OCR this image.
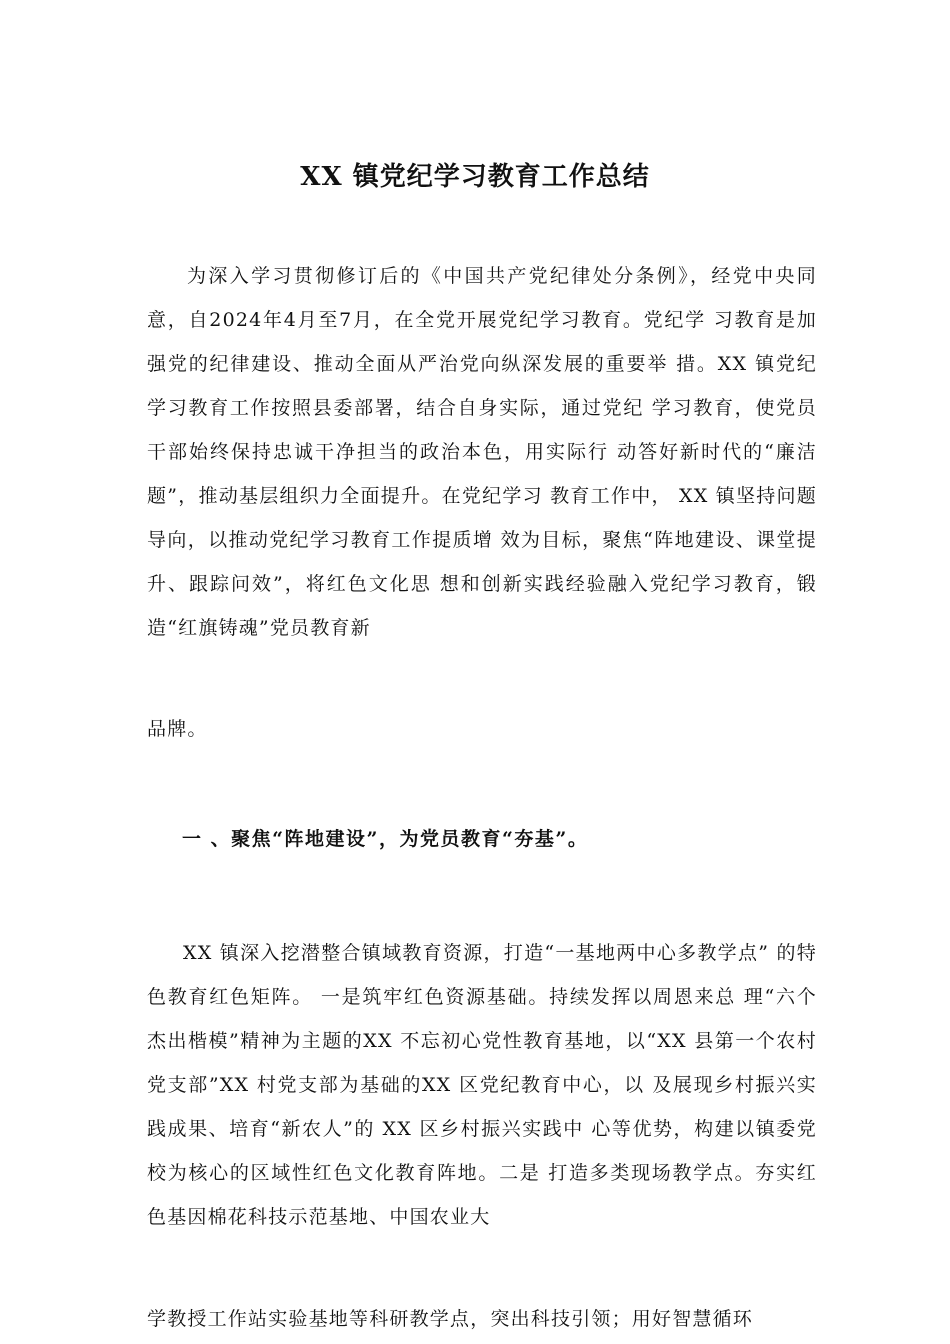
XX 镇党纪学习教育工作总结
为深入学习贯彻修订后的《中国共产党纪律处分条例》，经党中央同意，自2024年4月至7月，在全党开展党纪学习教育。党纪学 习教育是加强党的纪律建设、推动全面从严治党向纵深发展的重要举 措。XX 镇党纪学习教育工作按照县委部署，结合自身实际，通过党纪 学习教育，使党员干部始终保持忠诚干净担当的政治本色，用实际行 动答好新时代的“廉洁题”，推动基层组织力全面提升。在党纪学习 教育工作中， XX 镇坚持问题导向，以推动党纪学习教育工作提质增 效为目标，聚焦“阵地建设、课堂提升、跟踪问效”，将红色文化思 想和创新实践经验融入党纪学习教育，锻造“红旗铸魂”党员教育新
品牌。
一 、聚焦“阵地建设”，为党员教育“夯基”。
XX 镇深入挖潜整合镇域教育资源，打造“一基地两中心多教学点” 的特色教育红色矩阵。 一是筑牢红色资源基础。持续发挥以周恩来总 理“六个杰出楷模”精神为主题的XX 不忘初心党性教育基地，以“XX 县第一个农村党支部”XX 村党支部为基础的XX 区党纪教育中心，以 及展现乡村振兴实践成果、培育“新农人”的 XX 区乡村振兴实践中 心等优势，构建以镇委党校为核心的区域性红色文化教育阵地。二是 打造多类现场教学点。夯实红色基因棉花科技示范基地、中国农业大
学教授工作站实验基地等科研教学点，突出科技引领；用好智慧循环
